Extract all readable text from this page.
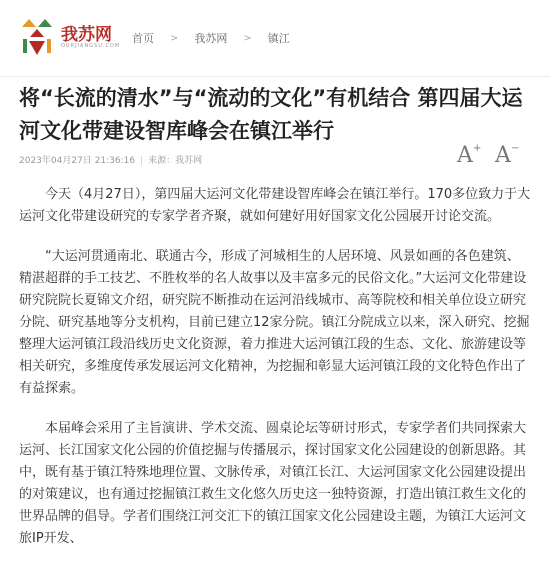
我苏网
OURJIANGSU.COM
首页 > 我苏网 > 镇江
将“长流的清水”与“流动的文化”有机结合 第四届大运河文化带建设智库峰会在镇江举行
2023年04月27日 21:36:16 | 来源：我苏网	A + A −

今天（4月27日），第四届大运河文化带建设智库峰会在镇江举行。170多位致力于大运河文化带建设研究的专家学者齐聚，就如何建好用好国家文化公园展开讨论交流。

“大运河贯通南北、联通古今，形成了河城相生的人居环境、风景如画的各色建筑、精湛超群的手工技艺、不胜枚举的名人故事以及丰富多元的民俗文化。”大运河文化带建设研究院院长夏锦文介绍，研究院不断推动在运河沿线城市、高等院校和相关单位设立研究分院、研究基地等分支机构，目前已建立12家分院。镇江分院成立以来，深入研究、挖掘整理大运河镇江段沿线历史文化资源，着力推进大运河镇江段的生态、文化、旅游建设等相关研究，多维度传承发展运河文化精神，为挖掘和彰显大运河镇江段的文化特色作出了有益探索。

本届峰会采用了主旨演讲、学术交流、圆桌论坛等研讨形式，专家学者们共同探索大运河、长江国家文化公园的价值挖掘与传播展示，探讨国家文化公园建设的创新思路。其中，既有基于镇江特殊地理位置、文脉传承，对镇江长江、大运河国家文化公园建设提出的对策建议，也有通过挖掘镇江救生文化悠久历史这一独特资源，打造出镇江救生文化的世界品牌的倡导。学者们围绕江河交汇下的镇江国家文化公园建设主题，为镇江大运河文旅IP开发、
